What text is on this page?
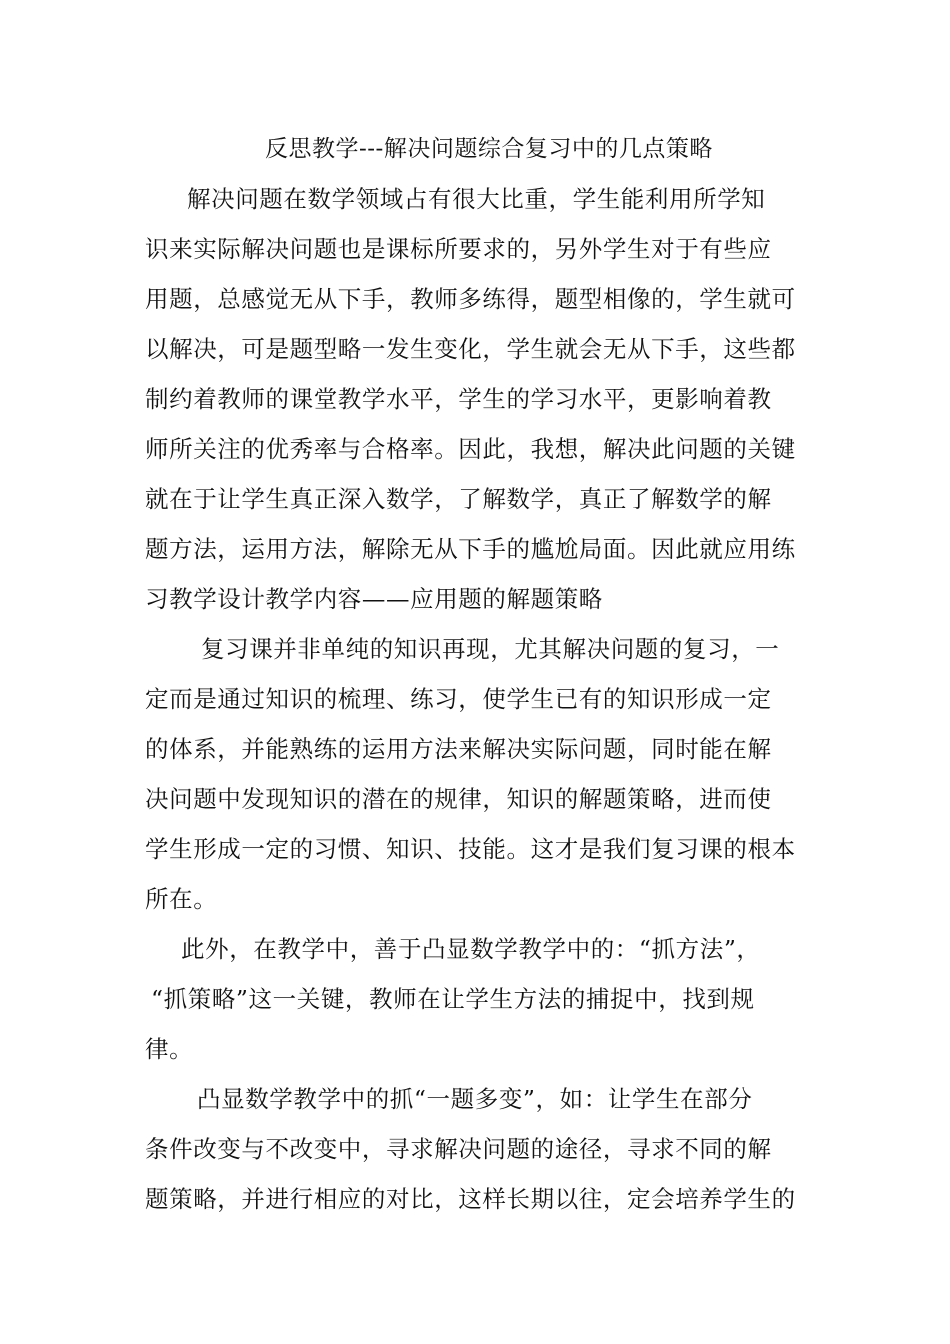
反思教学---解决问题综合复习中的几点策略
解决问题在数学领域占有很大比重，学生能利用所学知
识来实际解决问题也是课标所要求的，另外学生对于有些应
用题，总感觉无从下手，教师多练得，题型相像的，学生就可
以解决，可是题型略一发生变化，学生就会无从下手，这些都
制约着教师的课堂教学水平，学生的学习水平，更影响着教
师所关注的优秀率与合格率。因此，我想，解决此问题的关键
就在于让学生真正深入数学，了解数学，真正了解数学的解
题方法，运用方法，解除无从下手的尴尬局面。因此就应用练
习教学设计教学内容——应用题的解题策略
复习课并非单纯的知识再现，尤其解决问题的复习，一
定而是通过知识的梳理、练习，使学生已有的知识形成一定
的体系，并能熟练的运用方法来解决实际问题，同时能在解
决问题中发现知识的潜在的规律，知识的解题策略，进而使
学生形成一定的习惯、知识、技能。这才是我们复习课的根本
所在。
此外，在教学中，善于凸显数学教学中的：“抓方法”，
“抓策略”这一关键，教师在让学生方法的捕捉中，找到规
律。
凸显数学教学中的抓“一题多变”，如：让学生在部分
条件改变与不改变中，寻求解决问题的途径，寻求不同的解
题策略，并进行相应的对比，这样长期以往，定会培养学生的
